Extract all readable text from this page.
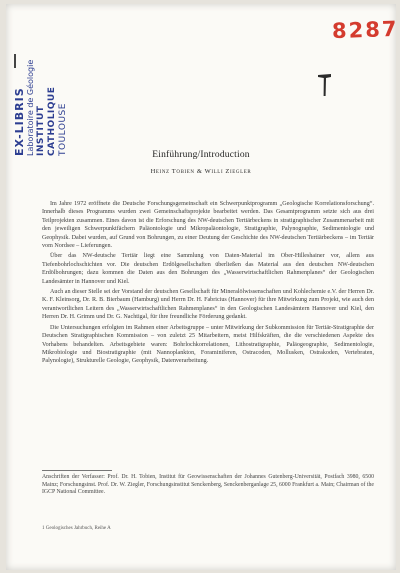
8287
EX-LIBRIS Laboratoire de Géologie INSTITUT CATHOLIQUE TOULOUSE	Einführung/Introduction
Heinz Tobien & Willi Ziegler

Im Jahre 1972 eröffnete die Deutsche Forschungsgemeinschaft ein Schwerpunktprogramm „Geologische Korrelationsforschung“. Innerhalb dieses Programms wurden zwei Gemeinschaftsprojekte bearbeitet werden. Das Gesamtprogramm setzte sich aus drei Teilprojekten zusammen. Eines davon ist die Erforschung des NW-deutschen Tertiärbeckens in stratigraphischer Zusammenarbeit mit den jeweiligen Schwerpunktfächern Paläontologie und Mikropaläontologie, Stratigraphie, Palynographie, Sedimentologie und Geophysik. Dabei wurden, auf Grund von Bohrungen, zu einer Deutung der Geschichte des NW-deutschen Tertiärbeckens – im Tertiär vom Nordsee – Lieferungen.

Über das NW-deutsche Tertiär liegt eine Sammlung von Daten-Material im Ober-Hilleshainer vor, allem aus Tiefenbohrlochschichten vor. Die deutschen Erdölgesellschaften überließen das Material aus den deutschen NW-deutschen Erdölbohrungen; dazu kommen die Daten aus den Bohrungen des „Wasserwirtschaftlichen Rahmenplanes“ der Geologischen Landesämter in Hannover und Kiel.

Auch an dieser Stelle sei der Vorstand der deutschen Gesellschaft für Mineralölwissenschaften und Kohlechemie e.V. der Herren Dr. K. F. Kleinsorg, Dr. R. B. Bierbaum (Hamburg) und Herrn Dr. H. Fabricius (Hannover) für ihre Mitwirkung zum Projekt, wie auch den verantwortlichen Leitern des „Wasserwirtschaftlichen Rahmenplanes“ in den Geologischen Landesämtern Hannover und Kiel, den Herren Dr. H. Grimm und Dr. G. Nachtigal, für ihre freundliche Förderung gedankt.

Die Untersuchungen erfolgten im Rahmen einer Arbeitsgruppe – unter Mitwirkung der Subkommission für Tertiär-Stratigraphie der Deutschen Stratigraphischen Kommission – von zuletzt 25 Mitarbeitern, meist Hilfskräften, die die verschiedenen Aspekte des Vorhabens behandelten. Arbeitsgebiete waren: Bohrlochkorrelationen, Lithostratigraphie, Paläogeographie, Sedimentologie, Mikrobiologie und Biostratigraphie (mit Nannoplankton, Foraminiferen, Ostracoden, Mollusken, Ostrakoden, Vertebraten, Palynologie), Strukturelle Geologie, Geophysik, Datenverarbeitung.

Anschriften der Verfasser: Prof. Dr. H. Tobien, Institut für Geowissenschaften der Johannes Gutenberg-Universität, Postfach 3980, 6500 Mainz; Forschungsinst. Prof. Dr. W. Ziegler, Forschungsinstitut Senckenberg, Senckenberganlage 25, 6000 Frankfurt a. Main; Chairman of the IGCP National Committee.
1 Geologisches Jahrbuch, Reihe A
